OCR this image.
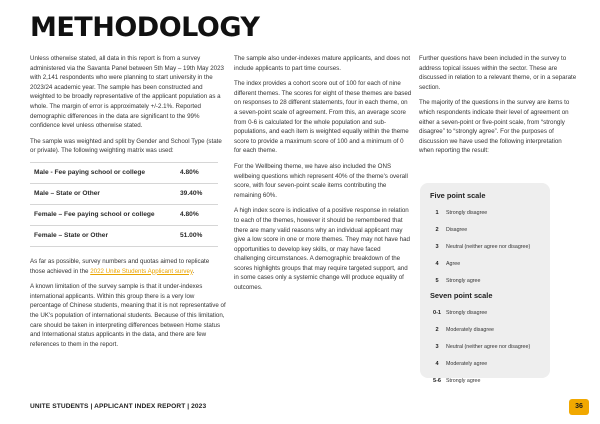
METHODOLOGY

Unless otherwise stated, all data in this report is from a survey administered via the Savanta Panel between 5th May – 19th May 2023 with 2,141 respondents who were planning to start university in the 2023/24 academic year. The sample has been constructed and weighted to be broadly representative of the applicant population as a whole. The margin of error is approximately +/-2.1%. Reported demographic differences in the data are significant to the 99% confidence level unless otherwise stated.

The sample was weighted and split by Gender and School Type (state or private). The following weighting matrix was used:

Male - Fee paying school or college	4.80%
Male – State or Other	39.40%
Female – Fee paying school or college	4.80%
Female – State or Other	51.00%

As far as possible, survey numbers and quotas aimed to replicate those achieved in the 2022 Unite Students Applicant survey.

A known limitation of the survey sample is that it under-indexes international applicants. Within this group there is a very low percentage of Chinese students, meaning that it is not representative of the UK's population of international students. Because of this limitation, care should be taken in interpreting differences between Home status and International status applicants in the data, and there are few references to them in the report.

The sample also under-indexes mature applicants, and does not include applicants to part time courses.

The index provides a cohort score out of 100 for each of nine different themes. The scores for eight of these themes are based on responses to 28 different statements, four in each theme, on a seven-point scale of agreement. From this, an average score from 0-6 is calculated for the whole population and sub-populations, and each item is weighted equally within the theme score to provide a maximum score of 100 and a minimum of 0 for each theme.

For the Wellbeing theme, we have also included the ONS wellbeing questions which represent 40% of the theme's overall score, with four seven-point scale items contributing the remaining 60%.

A high index score is indicative of a positive response in relation to each of the themes, however it should be remembered that there are many valid reasons why an individual applicant may give a low score in one or more themes. They may not have had opportunities to develop key skills, or may have faced challenging circumstances. A demographic breakdown of the scores highlights groups that may require targeted support, and in some cases only a systemic change will produce equality of outcomes.

Further questions have been included in the survey to address topical issues within the sector. These are discussed in relation to a relevant theme, or in a separate section.

The majority of the questions in the survey are items to which respondents indicate their level of agreement on either a seven-point or five-point scale, from “strongly disagree” to “strongly agree”. For the purposes of discussion we have used the following interpretation when reporting the result:

Five point scale
1	Strongly disagree
2	Disagree
3	Neutral (neither agree nor disagree)
4	Agree
5	Strongly agree
Seven point scale
0-1 Strongly disagree
2	Moderately disagree
3	Neutral (neither agree nor disagree)
4	Moderately agree
5-6 Strongly agree
UNITE STUDENTS | APPLICANT INDEX REPORT | 2023	36
